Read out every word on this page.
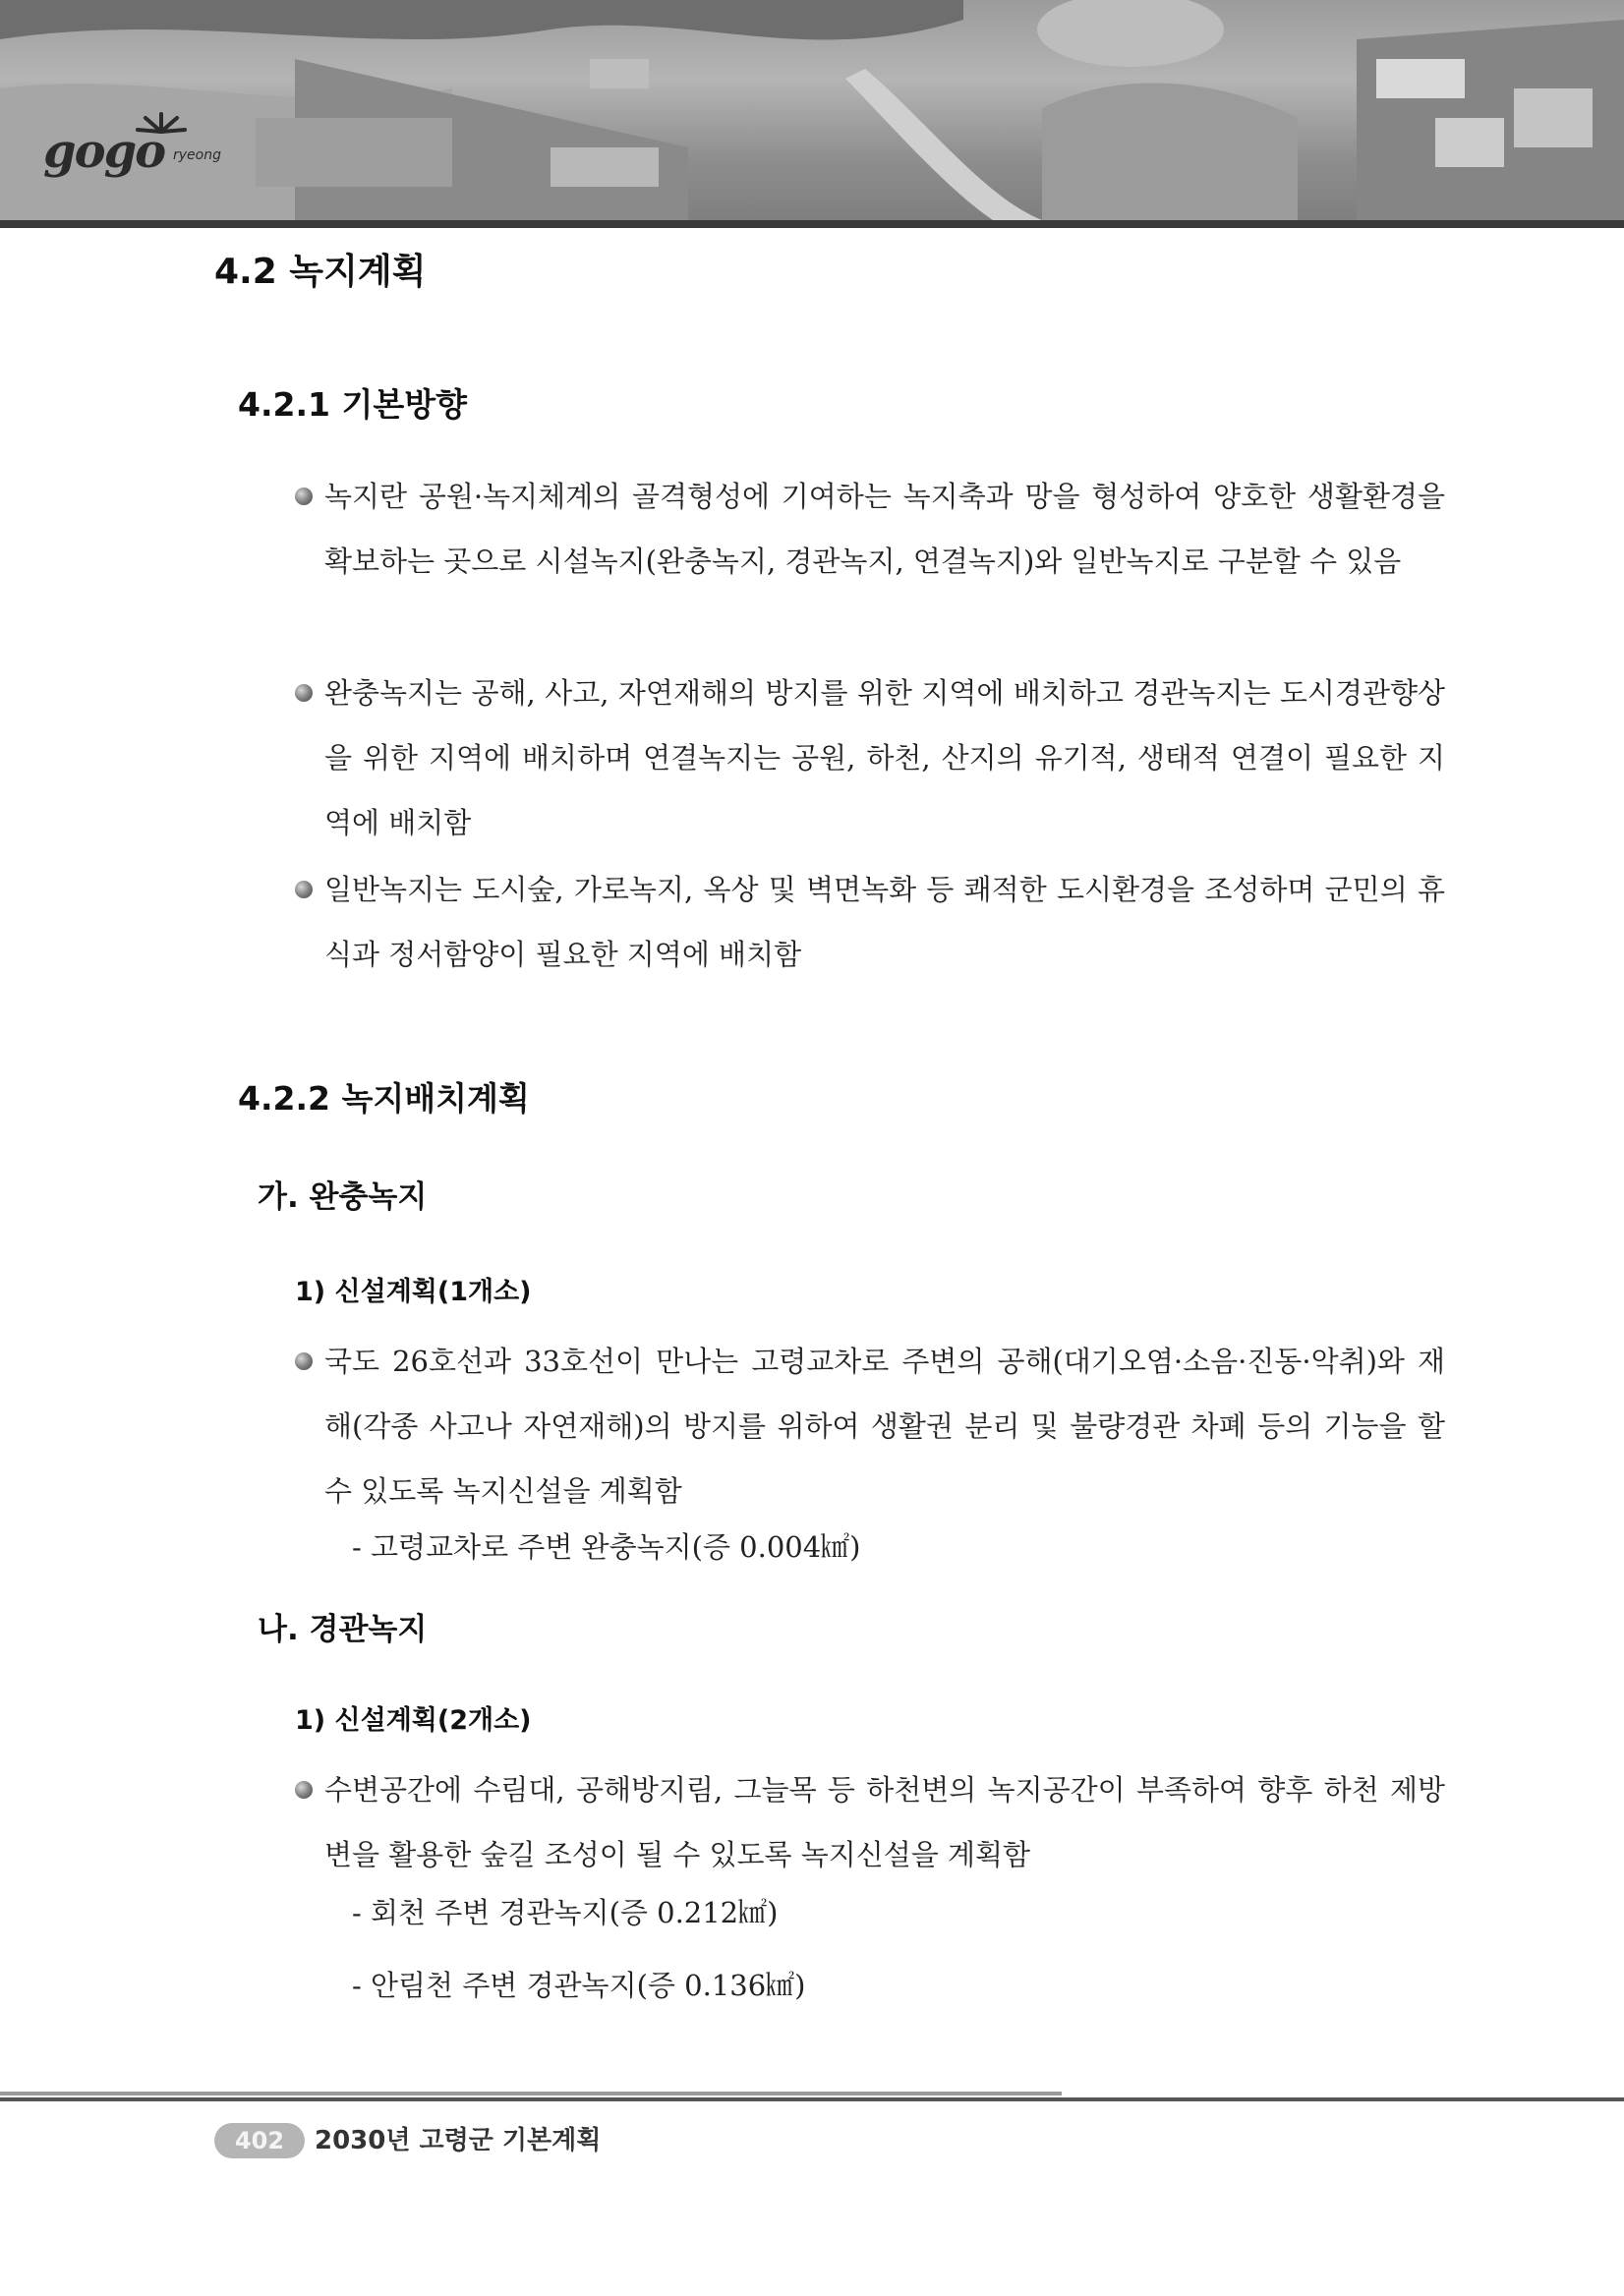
gogo ryeong
4.2 녹지계획
4.2.1 기본방향
녹지란 공원·녹지체계의 골격형성에 기여하는 녹지축과 망을 형성하여 양호한 생활환경을 확보하는 곳으로 시설녹지(완충녹지, 경관녹지, 연결녹지)와 일반녹지로 구분할 수 있음
완충녹지는 공해, 사고, 자연재해의 방지를 위한 지역에 배치하고 경관녹지는 도시경관향상을 위한 지역에 배치하며 연결녹지는 공원, 하천, 산지의 유기적, 생태적 연결이 필요한 지역에 배치함
일반녹지는 도시숲, 가로녹지, 옥상 및 벽면녹화 등 쾌적한 도시환경을 조성하며 군민의 휴식과 정서함양이 필요한 지역에 배치함
4.2.2 녹지배치계획
가. 완충녹지
1) 신설계획(1개소)
국도 26호선과 33호선이 만나는 고령교차로 주변의 공해(대기오염·소음·진동·악취)와 재해(각종 사고나 자연재해)의 방지를 위하여 생활권 분리 및 불량경관 차폐 등의 기능을 할 수 있도록 녹지신설을 계획함
- 고령교차로 주변 완충녹지(증 0.004㎢)
나. 경관녹지
1) 신설계획(2개소)
수변공간에 수림대, 공해방지림, 그늘목 등 하천변의 녹지공간이 부족하여 향후 하천 제방변을 활용한 숲길 조성이 될 수 있도록 녹지신설을 계획함
- 회천 주변 경관녹지(증 0.212㎢)
- 안림천 주변 경관녹지(증 0.136㎢)
402	2030년 고령군 기본계획
